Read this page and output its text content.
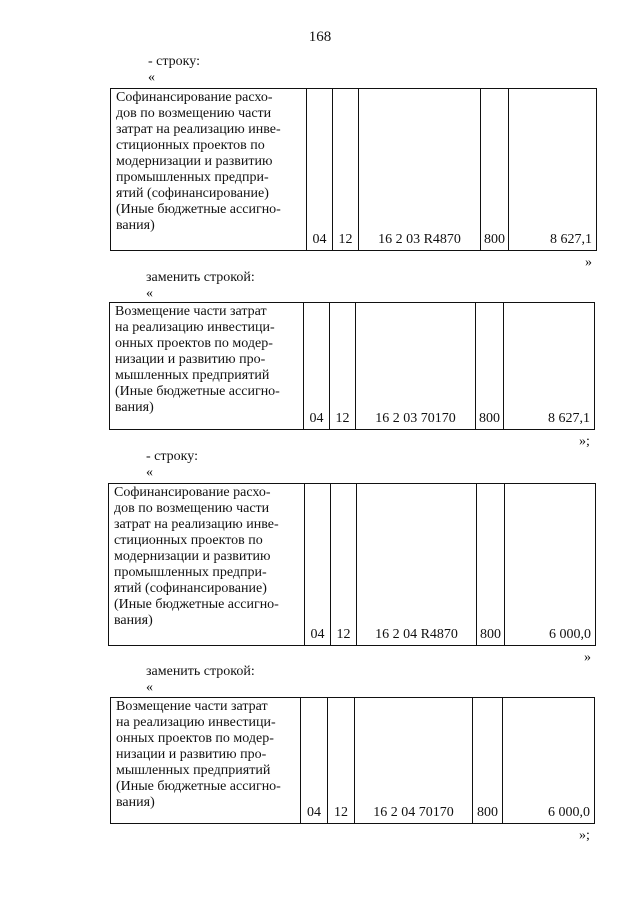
168
- строку:
«
Софинансирование расхо-
дов по возмещению части
затрат на реализацию инве-
стиционных проектов по
модернизации и развитию
промышленных предпри-
ятий (софинансирование)
(Иные бюджетные ассигно-
вания)
	04	12	16 2 03 R4870	800	8 627,1
»
заменить строкой:
«
Возмещение части затрат
на реализацию инвестици-
онных проектов по модер-
низации и развитию про-
мышленных предприятий
(Иные бюджетные ассигно-
вания)
	04	12	16 2 03 70170	800	8 627,1
»;
- строку:
«
Софинансирование расхо-
дов по возмещению части
затрат на реализацию инве-
стиционных проектов по
модернизации и развитию
промышленных предпри-
ятий (софинансирование)
(Иные бюджетные ассигно-
вания)
	04	12	16 2 04 R4870	800	6 000,0
»
заменить строкой:
«
Возмещение части затрат
на реализацию инвестици-
онных проектов по модер-
низации и развитию про-
мышленных предприятий
(Иные бюджетные ассигно-
вания)
	04	12	16 2 04 70170	800	6 000,0
»;
